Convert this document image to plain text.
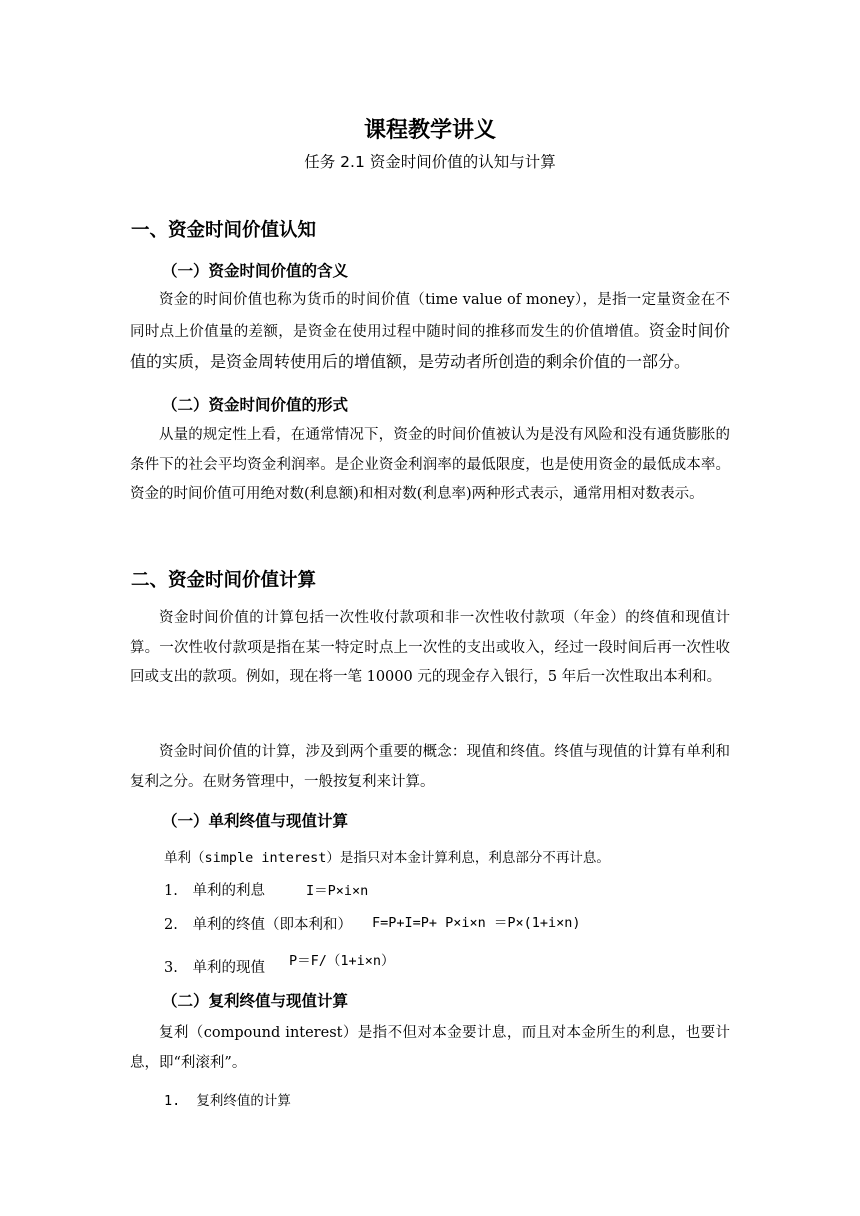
课程教学讲义
任务 2.1 资金时间价值的认知与计算
一、资金时间价值认知
（一）资金时间价值的含义
资金的时间价值也称为货币的时间价值（time value of money），是指一定量资金在不同时点上价值量的差额，是资金在使用过程中随时间的推移而发生的价值增值。资金时间价值的实质，是资金周转使用后的增值额，是劳动者所创造的剩余价值的一部分。
（二）资金时间价值的形式
从量的规定性上看，在通常情况下，资金的时间价值被认为是没有风险和没有通货膨胀的条件下的社会平均资金利润率。是企业资金利润率的最低限度，也是使用资金的最低成本率。资金的时间价值可用绝对数(利息额)和相对数(利息率)两种形式表示，通常用相对数表示。
二、资金时间价值计算
资金时间价值的计算包括一次性收付款项和非一次性收付款项（年金）的终值和现值计算。一次性收付款项是指在某一特定时点上一次性的支出或收入，经过一段时间后再一次性收回或支出的款项。例如，现在将一笔 10000 元的现金存入银行，5 年后一次性取出本利和。
资金时间价值的计算，涉及到两个重要的概念：现值和终值。终值与现值的计算有单利和复利之分。在财务管理中，一般按复利来计算。
（一）单利终值与现值计算
单利（simple interest）是指只对本金计算利息，利息部分不再计息。
1. 单利的利息	I＝P×i×n
2. 单利的终值（即本利和） F=P+I=P+ P×i×n ＝P×(1+i×n)
3. 单利的现值 P＝F/（1+i×n）
（二）复利终值与现值计算
复利（compound interest）是指不但对本金要计息，而且对本金所生的利息，也要计息，即“利滚利”。
1. 复利终值的计算
